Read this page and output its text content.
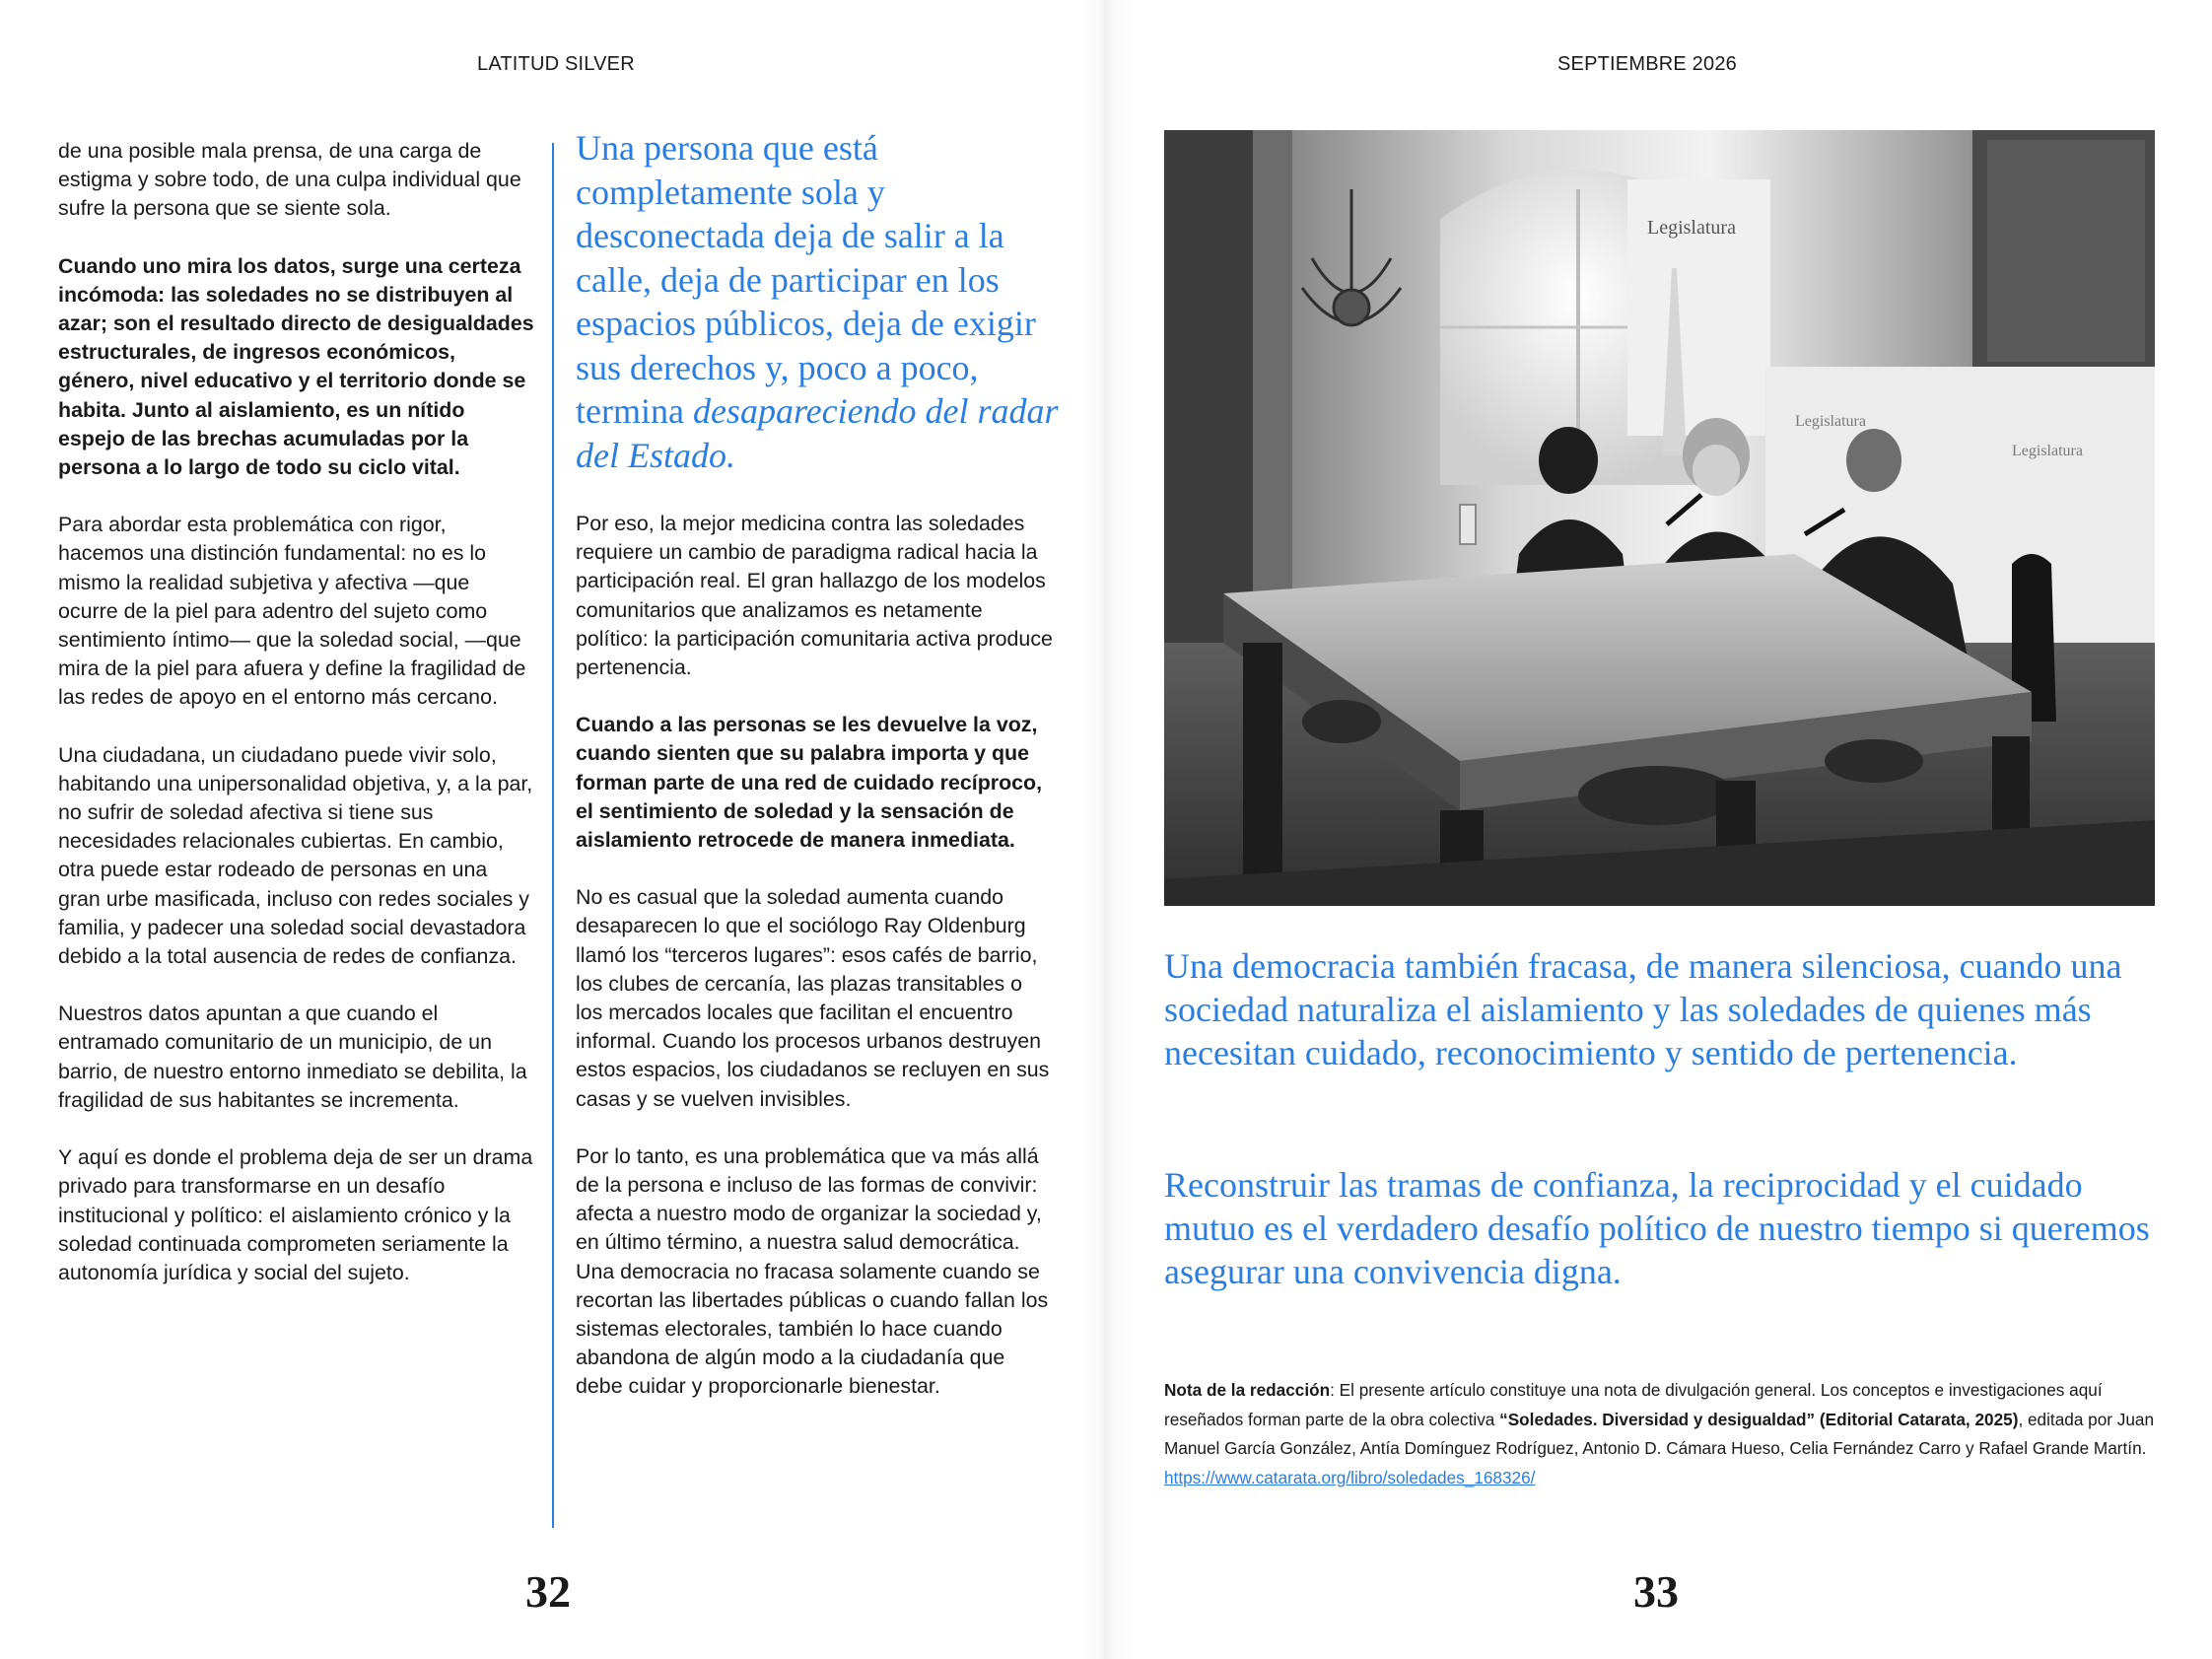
LATITUD SILVER

de una posible mala prensa, de una carga de estigma y sobre todo, de una culpa individual que sufre la persona que se siente sola.

Cuando uno mira los datos, surge una certeza incómoda: las soledades no se distribuyen al azar; son el resultado directo de desigualdades estructurales, de ingresos económicos, género, nivel educativo y el territorio donde se habita. Junto al aislamiento, es un nítido espejo de las brechas acumuladas por la persona a lo largo de todo su ciclo vital.

Para abordar esta problemática con rigor, hacemos una distinción fundamental: no es lo mismo la realidad subjetiva y afectiva —que ocurre de la piel para adentro del sujeto como sentimiento íntimo— que la soledad social, —que mira de la piel para afuera y define la fragilidad de las redes de apoyo en el entorno más cercano.

Una ciudadana, un ciudadano puede vivir solo, habitando una unipersonalidad objetiva, y, a la par, no sufrir de soledad afectiva si tiene sus necesidades relacionales cubiertas. En cambio, otra puede estar rodeado de personas en una gran urbe masificada, incluso con redes sociales y familia, y padecer una soledad social devastadora debido a la total ausencia de redes de confianza.

Nuestros datos apuntan a que cuando el entramado comunitario de un municipio, de un barrio, de nuestro entorno inmediato se debilita, la fragilidad de sus habitantes se incrementa.

Y aquí es donde el problema deja de ser un drama privado para transformarse en un desafío institucional y político: el aislamiento crónico y la soledad continuada comprometen seriamente la autonomía jurídica y social del sujeto.

Una persona que está completamente sola y desconectada deja de salir a la calle, deja de participar en los espacios públicos, deja de exigir sus derechos y, poco a poco, termina desapareciendo del radar del Estado.

Por eso, la mejor medicina contra las soledades requiere un cambio de paradigma radical hacia la participación real. El gran hallazgo de los modelos comunitarios que analizamos es netamente político: la participación comunitaria activa produce pertenencia.

Cuando a las personas se les devuelve la voz, cuando sienten que su palabra importa y que forman parte de una red de cuidado recíproco, el sentimiento de soledad y la sensación de aislamiento retrocede de manera inmediata.

No es casual que la soledad aumenta cuando desaparecen lo que el sociólogo Ray Oldenburg llamó los “terceros lugares”: esos cafés de barrio, los clubes de cercanía, las plazas transitables o los mercados locales que facilitan el encuentro informal. Cuando los procesos urbanos destruyen estos espacios, los ciudadanos se recluyen en sus casas y se vuelven invisibles.

Por lo tanto, es una problemática que va más allá de la persona e incluso de las formas de convivir: afecta a nuestro modo de organizar la sociedad y, en último término, a nuestra salud democrática. Una democracia no fracasa solamente cuando se recortan las libertades públicas o cuando fallan los sistemas electorales, también lo hace cuando abandona de algún modo a la ciudadanía que debe cuidar y proporcionarle bienestar.

32
SEPTIEMBRE 2026
Legislatura
Legislatura
Legislatura
Una democracia también fracasa, de manera silenciosa, cuando una sociedad naturaliza el aislamiento y las soledades de quienes más necesitan cuidado, reconocimiento y sentido de pertenencia.
Reconstruir las tramas de confianza, la reciprocidad y el cuidado mutuo es el verdadero desafío político de nuestro tiempo si queremos asegurar una convivencia digna.
Nota de la redacción: El presente artículo constituye una nota de divulgación general. Los conceptos e investigaciones aquí reseñados forman parte de la obra colectiva “Soledades. Diversidad y desigualdad” (Editorial Catarata, 2025), editada por Juan Manuel García González, Antía Domínguez Rodríguez, Antonio D. Cámara Hueso, Celia Fernández Carro y Rafael Grande Martín.
https://www.catarata.org/libro/soledades_168326/
33
